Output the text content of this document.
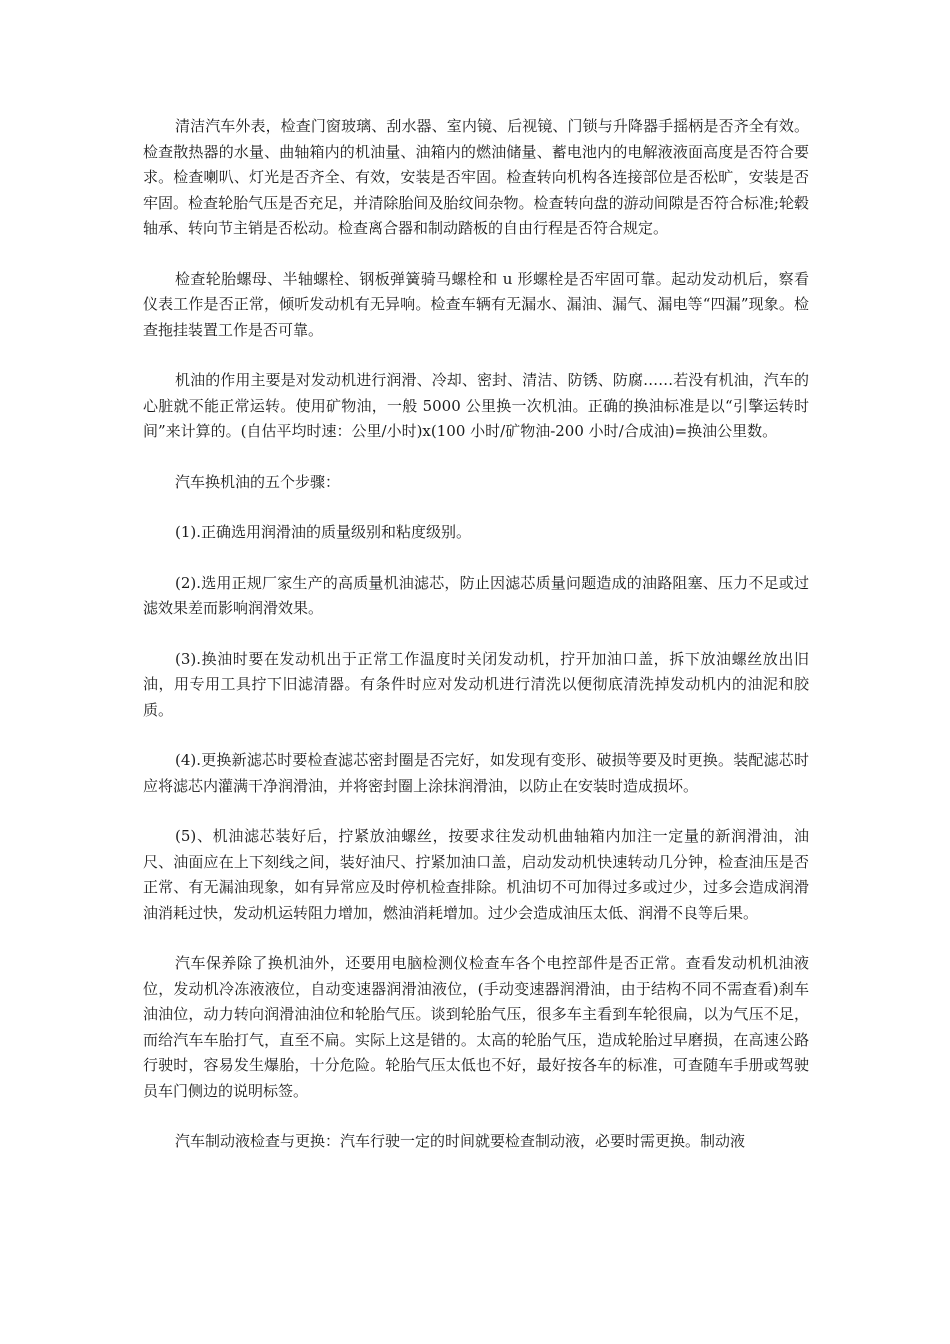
清洁汽车外表，检查门窗玻璃、刮水器、室内镜、后视镜、门锁与升降器手摇柄是否齐全有效。检查散热器的水量、曲轴箱内的机油量、油箱内的燃油储量、蓄电池内的电解液液面高度是否符合要求。检查喇叭、灯光是否齐全、有效，安装是否牢固。检查转向机构各连接部位是否松旷，安装是否牢固。检查轮胎气压是否充足，并清除胎间及胎纹间杂物。检查转向盘的游动间隙是否符合标准;轮毂轴承、转向节主销是否松动。检查离合器和制动踏板的自由行程是否符合规定。

检查轮胎螺母、半轴螺栓、钢板弹簧骑马螺栓和 u 形螺栓是否牢固可靠。起动发动机后，察看仪表工作是否正常，倾听发动机有无异响。检查车辆有无漏水、漏油、漏气、漏电等“四漏”现象。检查拖挂装置工作是否可靠。

机油的作用主要是对发动机进行润滑、冷却、密封、清洁、防锈、防腐……若没有机油，汽车的心脏就不能正常运转。使用矿物油，一般 5000 公里换一次机油。正确的换油标准是以“引擎运转时间”来计算的。(自估平均时速：公里/小时)x(100 小时/矿物油-200 小时/合成油)=换油公里数。

汽车换机油的五个步骤：

(1).正确选用润滑油的质量级别和粘度级别。

(2).选用正规厂家生产的高质量机油滤芯，防止因滤芯质量问题造成的油路阻塞、压力不足或过滤效果差而影响润滑效果。

(3).换油时要在发动机出于正常工作温度时关闭发动机，拧开加油口盖，拆下放油螺丝放出旧油，用专用工具拧下旧滤清器。有条件时应对发动机进行清洗以便彻底清洗掉发动机内的油泥和胶质。

(4).更换新滤芯时要检查滤芯密封圈是否完好，如发现有变形、破损等要及时更换。装配滤芯时应将滤芯内灌满干净润滑油，并将密封圈上涂抹润滑油，以防止在安装时造成损坏。

(5)、机油滤芯装好后，拧紧放油螺丝，按要求往发动机曲轴箱内加注一定量的新润滑油，油尺、油面应在上下刻线之间，装好油尺、拧紧加油口盖，启动发动机快速转动几分钟，检查油压是否正常、有无漏油现象，如有异常应及时停机检查排除。机油切不可加得过多或过少，过多会造成润滑油消耗过快，发动机运转阻力增加，燃油消耗增加。过少会造成油压太低、润滑不良等后果。

汽车保养除了换机油外，还要用电脑检测仪检查车各个电控部件是否正常。查看发动机机油液位，发动机冷冻液液位，自动变速器润滑油液位，(手动变速器润滑油，由于结构不同不需查看)刹车油油位，动力转向润滑油油位和轮胎气压。谈到轮胎气压，很多车主看到车轮很扁，以为气压不足，而给汽车车胎打气，直至不扁。实际上这是错的。太高的轮胎气压，造成轮胎过早磨损，在高速公路行驶时，容易发生爆胎，十分危险。轮胎气压太低也不好，最好按各车的标准，可查随车手册或驾驶员车门侧边的说明标签。

汽车制动液检查与更换：汽车行驶一定的时间就要检查制动液，必要时需更换。制动液
